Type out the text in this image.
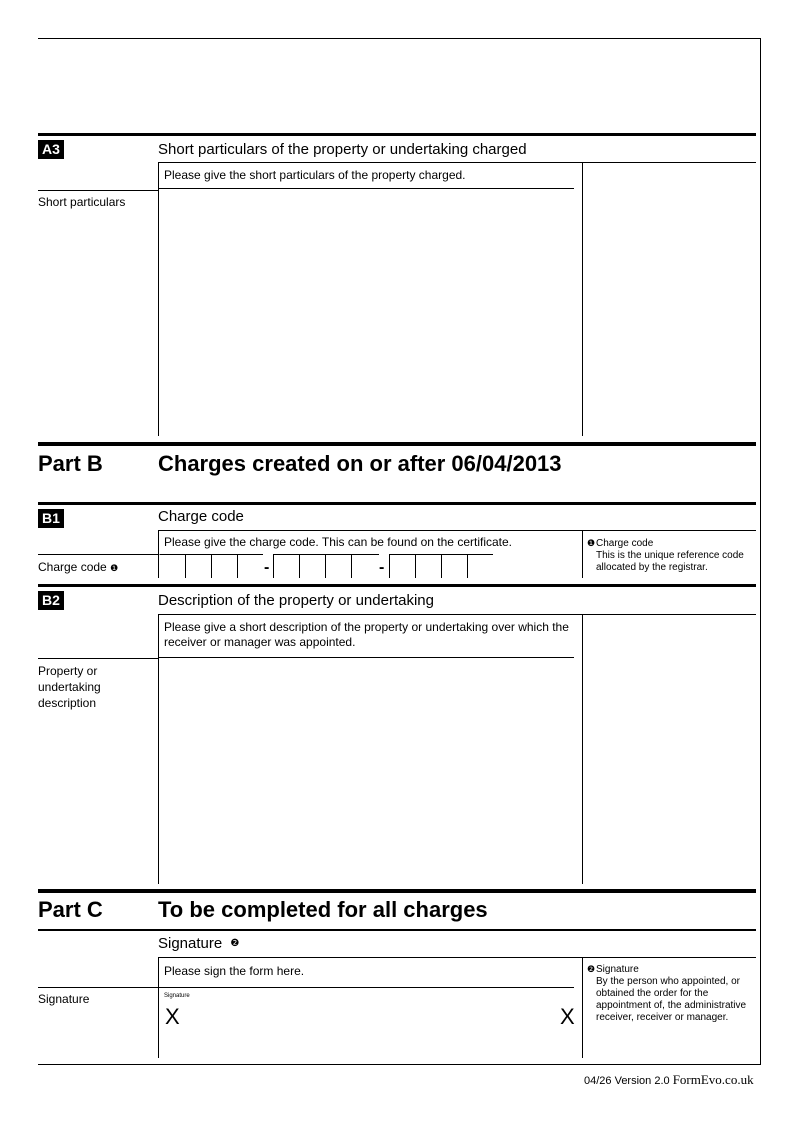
A3	Short particulars of the property or undertaking charged
Please give the short particulars of the property charged.
Short particulars
Part B	Charges created on or after 06/04/2013
B1	Charge code
Please give the charge code. This can be found on the certificate.
Charge code ❶	-	-
❶Charge code
This is the unique reference code allocated by the registrar.
B2	Description of the property or undertaking
Please give a short description of the property or undertaking over which the receiver or manager was appointed.
Property or undertaking description
Part C	To be completed for all charges
Signature $^❷$
Please sign the form here.
Signature	Signature
X	X
❷Signature
By the person who appointed, or obtained the order for the appointment of, the administrative receiver, receiver or manager.
04/26 Version 2.0 FormEvo.co.uk
